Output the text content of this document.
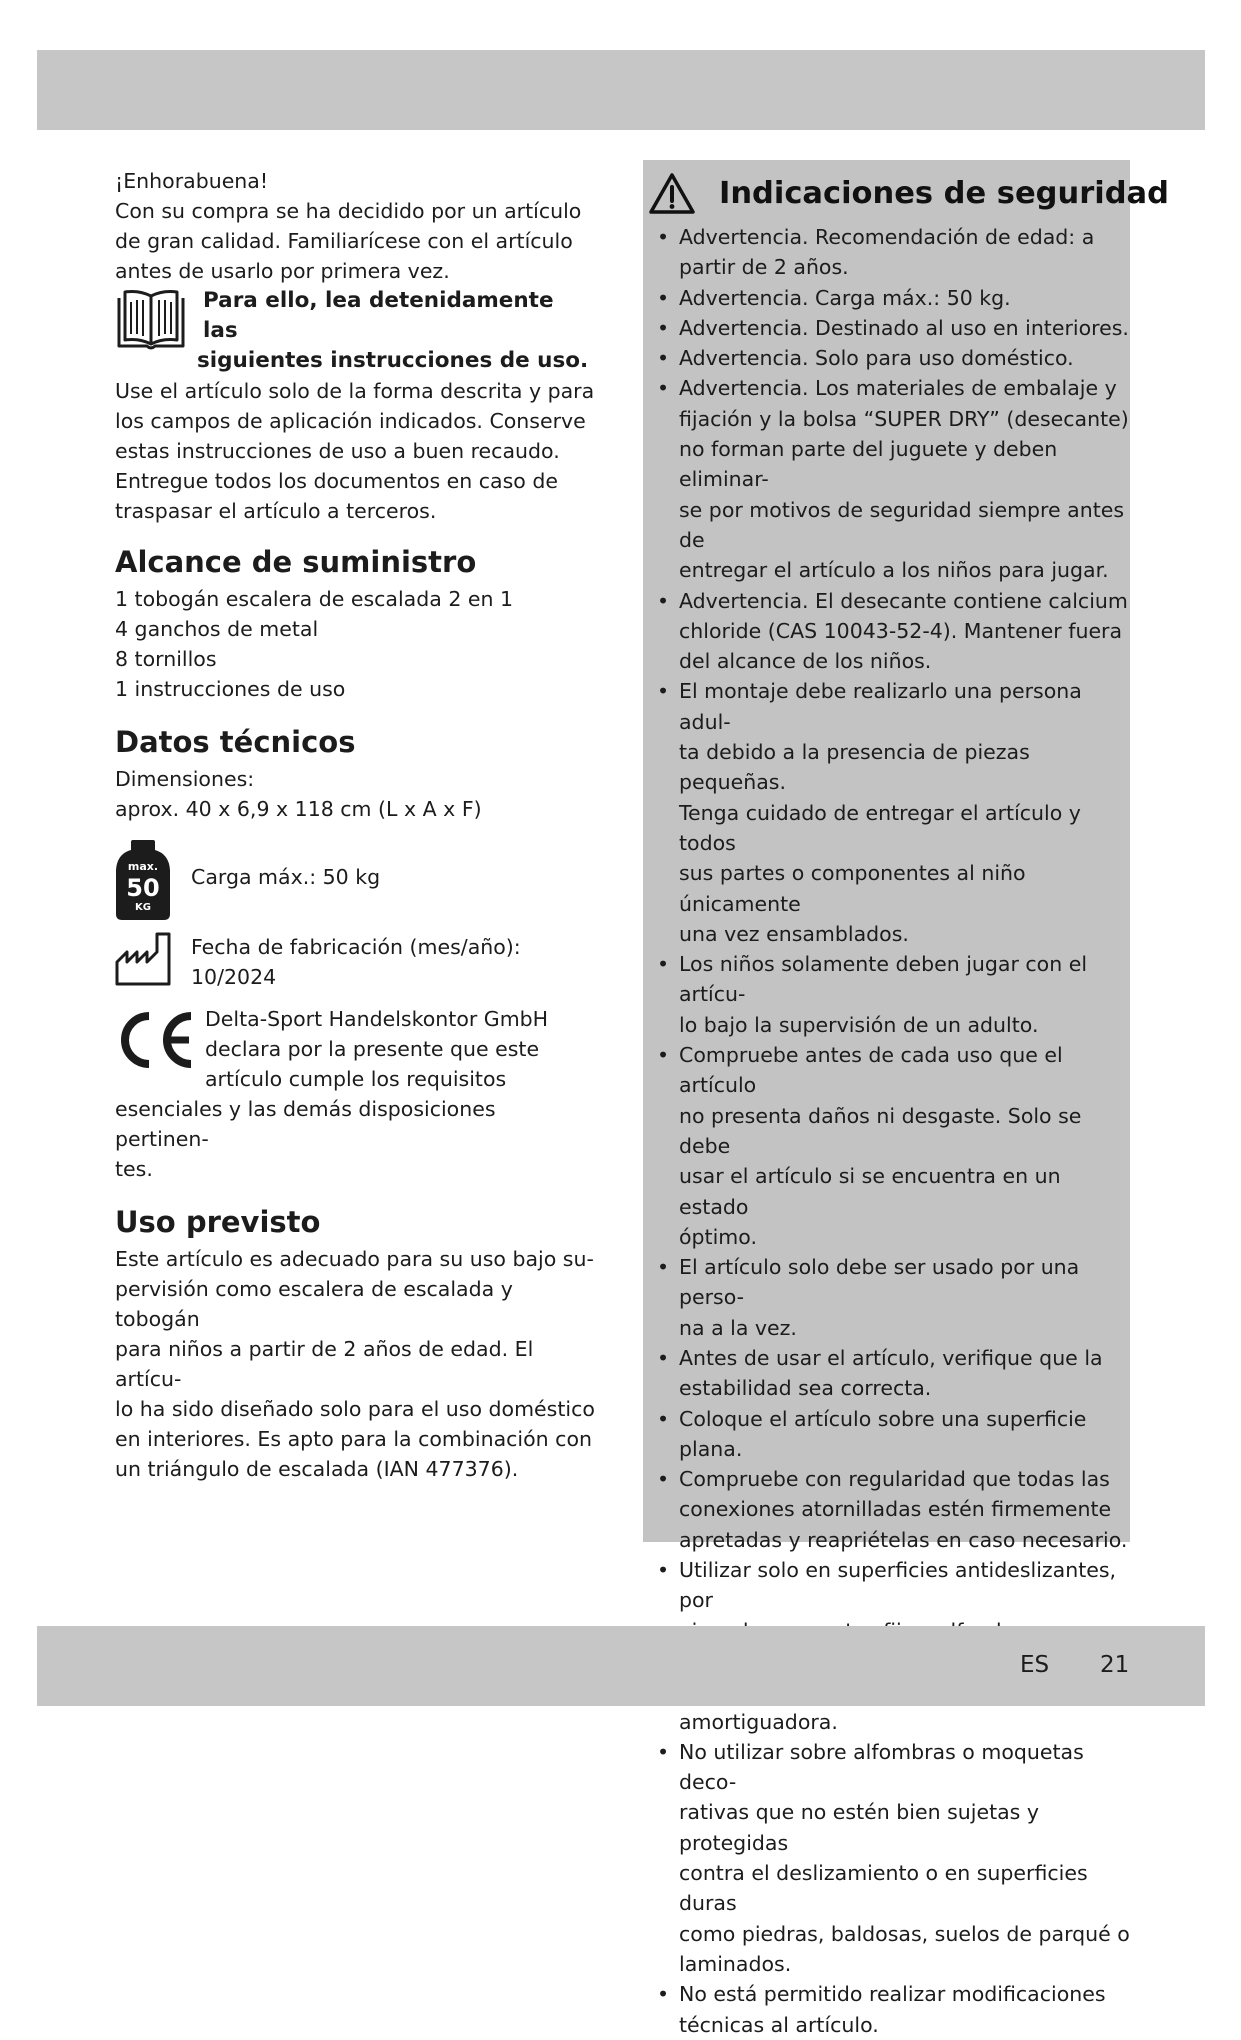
¡Enhorabuena!
Con su compra se ha decidido por un artículo
de gran calidad. Familiarícese con el artículo
antes de usarlo por primera vez.
Para ello, lea detenidamente las
siguientes instrucciones de uso.
Use el artículo solo de la forma descrita y para
los campos de aplicación indicados. Conserve
estas instrucciones de uso a buen recaudo.
Entregue todos los documentos en caso de
traspasar el artículo a terceros.
Alcance de suministro
1 tobogán escalera de escalada 2 en 1
4 ganchos de metal
8 tornillos
1 instrucciones de uso
Datos técnicos
Dimensiones:
aprox. 40 x 6,9 x 118 cm (L x A x F)
max.
50
KG
Carga máx.: 50 kg
Fecha de fabricación (mes/año):
10/2024
Delta-Sport Handelskontor GmbH
declara por la presente que este
artículo cumple los requisitos
esenciales y las demás disposiciones pertinen-
tes.
Uso previsto
Este artículo es adecuado para su uso bajo su-
pervisión como escalera de escalada y tobogán
para niños a partir de 2 años de edad. El artícu-
lo ha sido diseñado solo para el uso doméstico
en interiores. Es apto para la combinación con
un triángulo de escalada (IAN 477376).
Indicaciones de seguridad
• Advertencia. Recomendación de edad: a
partir de 2 años.
• Advertencia. Carga máx.: 50 kg.
• Advertencia. Destinado al uso en interiores.
• Advertencia. Solo para uso doméstico.
• Advertencia. Los materiales de embalaje y
fijación y la bolsa “SUPER DRY” (desecante)
no forman parte del juguete y deben eliminar-
se por motivos de seguridad siempre antes de
entregar el artículo a los niños para jugar.
• Advertencia. El desecante contiene calcium
chloride (CAS 10043-52-4). Mantener fuera
del alcance de los niños.
• El montaje debe realizarlo una persona adul-
ta debido a la presencia de piezas pequeñas.
Tenga cuidado de entregar el artículo y todos
sus partes o componentes al niño únicamente
una vez ensamblados.
• Los niños solamente deben jugar con el artícu-
lo bajo la supervisión de un adulto.
• Compruebe antes de cada uso que el artículo
no presenta daños ni desgaste. Solo se debe
usar el artículo si se encuentra en un estado
óptimo.
• El artículo solo debe ser usado por una perso-
na a la vez.
• Antes de usar el artículo, verifique que la
estabilidad sea correcta.
• Coloque el artículo sobre una superficie
plana.
• Compruebe con regularidad que todas las
conexiones atornilladas estén firmemente
apretadas y reapriételas en caso necesario.
• Utilizar solo en superficies antideslizantes, por
amortiguadora.
• No utilizar sobre alfombras o moquetas deco-
rativas que no estén bien sujetas y protegidas
contra el deslizamiento o en superficies duras
como piedras, baldosas, suelos de parqué o
laminados.
• No está permitido realizar modificaciones
técnicas al artículo.
ES 21
